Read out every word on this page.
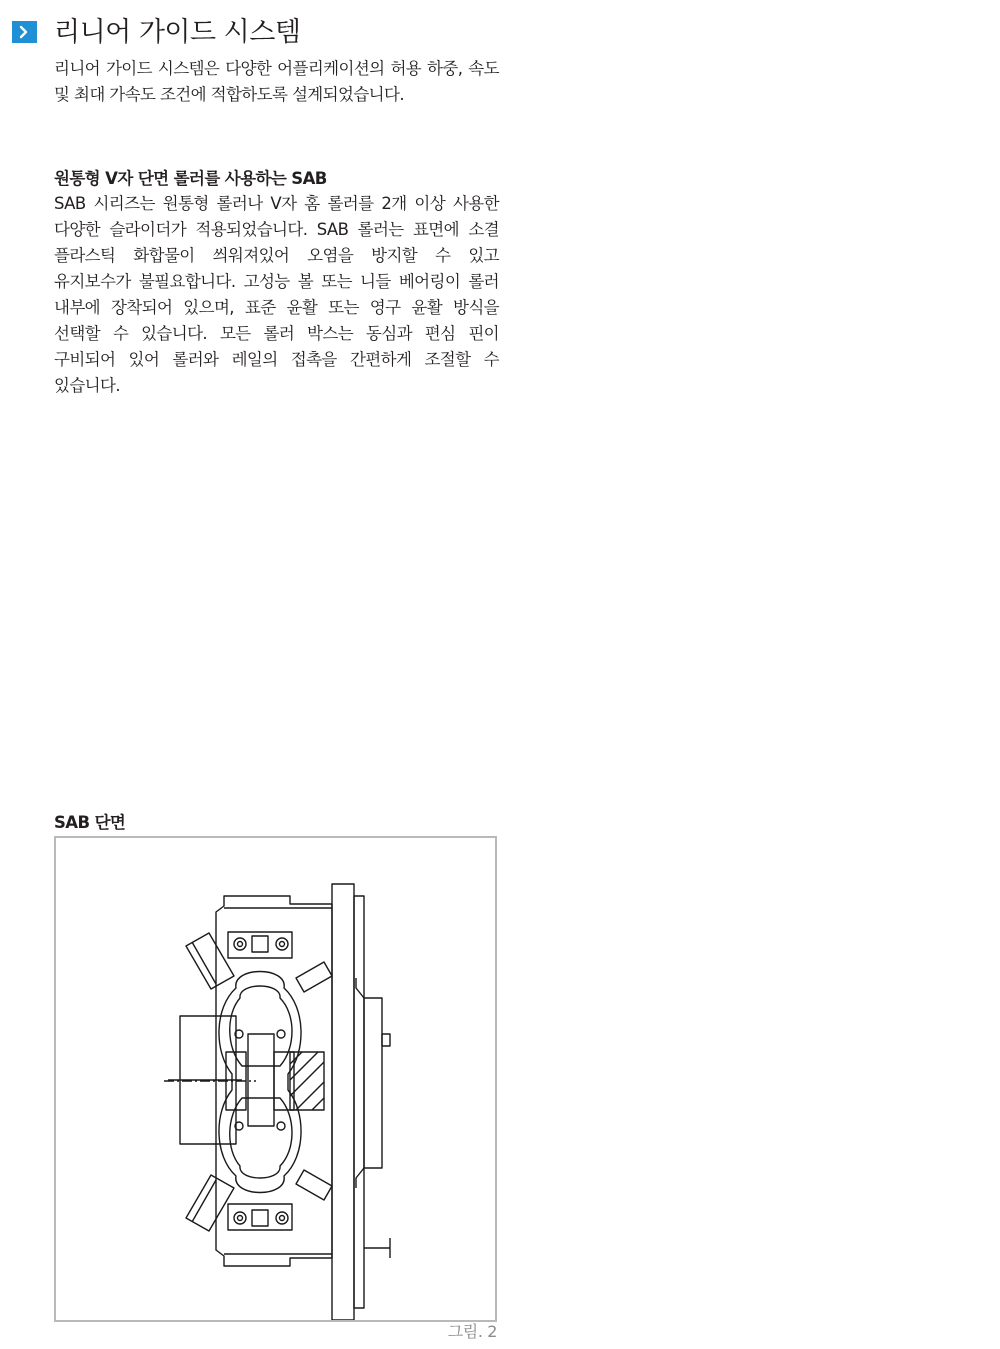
리니어 가이드 시스템

리니어 가이드 시스템은 다양한 어플리케이션의 허용 하중, 속도 및 최대 가속도 조건에 적합하도록 설계되었습니다.

원통형 V자 단면 롤러를 사용하는 SAB

SAB 시리즈는 원통형 롤러나 V자 홈 롤러를 2개 이상 사용한 다양한 슬라이더가 적용되었습니다. SAB 롤러는 표면에 소결 플라스틱 화합물이 씌워져있어 오염을 방지할 수 있고 유지보수가 불필요합니다. 고성능 볼 또는 니들 베어링이 롤러 내부에 장착되어 있으며, 표준 윤활 또는 영구 윤활 방식을 선택할 수 있습니다. 모든 롤러 박스는 동심과 편심 핀이 구비되어 있어 롤러와 레일의 접촉을 간편하게 조절할 수 있습니다.

SAB 단면

그림. 2
